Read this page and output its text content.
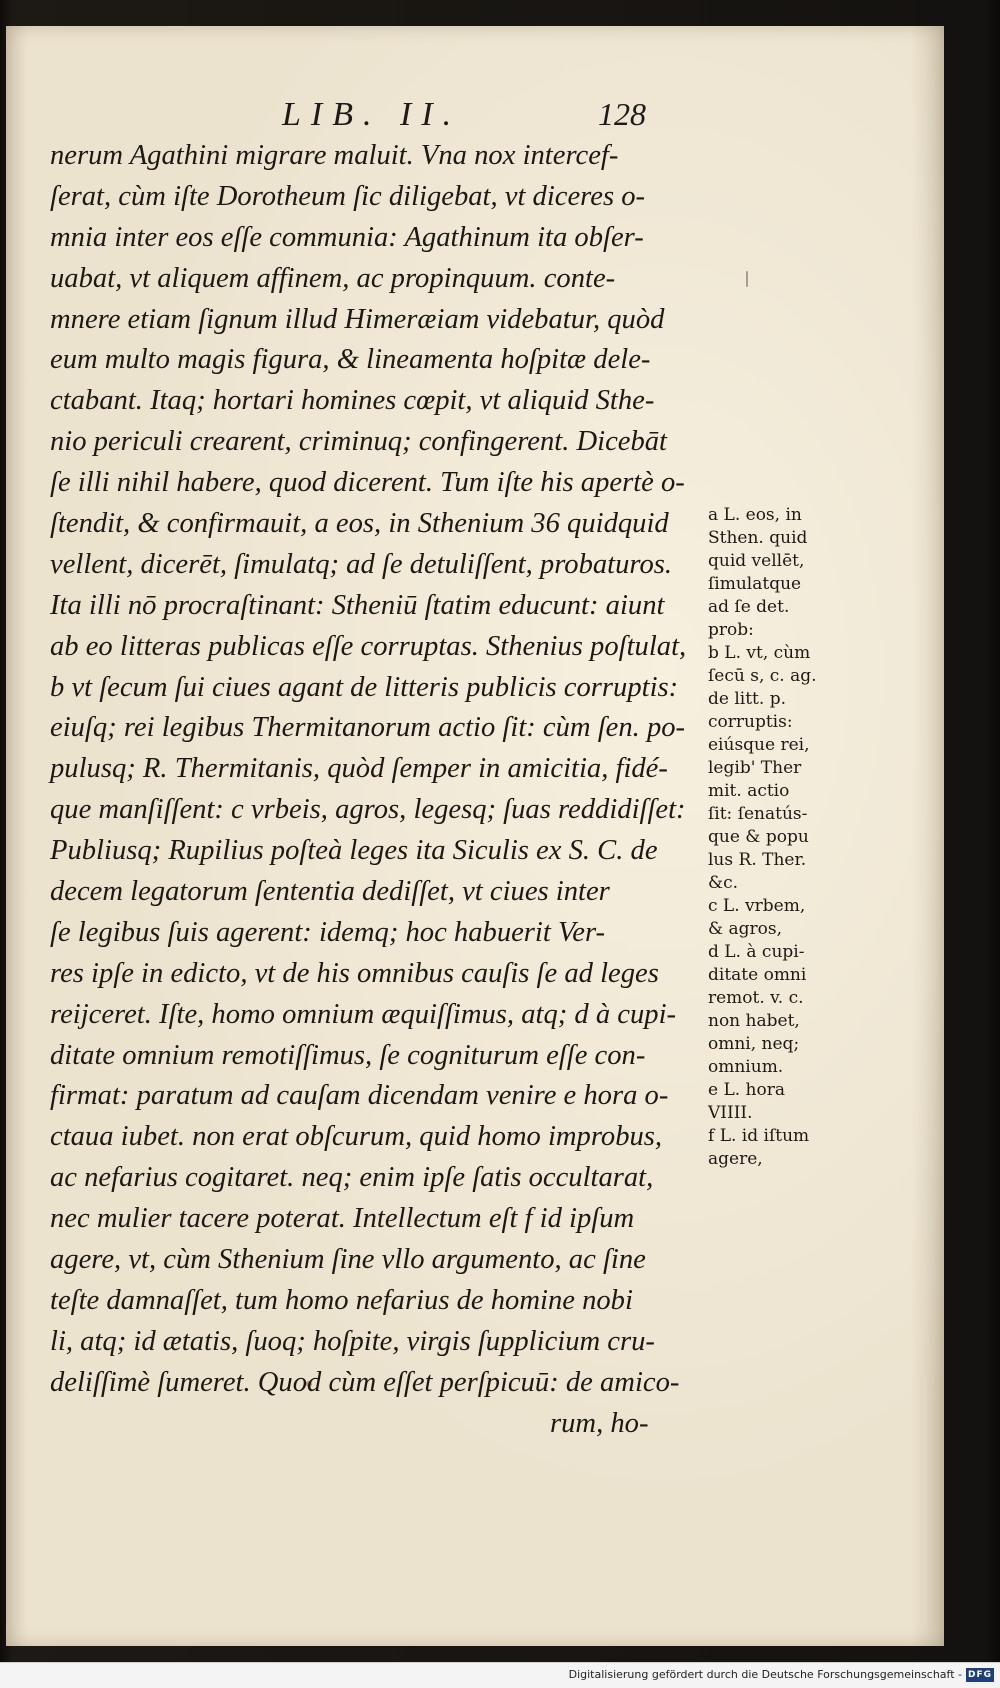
LIB. II.	128
nerum Agathini migrare maluit. Vna nox intercef-
ſerat, cùm iſte Dorotheum ſic diligebat, vt diceres o-
mnia inter eos eſſe communia: Agathinum ita obſer-
uabat, vt aliquem affinem, ac propinquum. conte-
mnere etiam ſignum illud Himeræiam videbatur, quòd
eum multo magis figura, & lineamenta hoſpitæ dele-
ctabant. Itaq; hortari homines cœpit, vt aliquid Sthe-
nio periculi crearent, criminuq; confingerent. Dicebāt
ſe illi nihil habere, quod dicerent. Tum iſte his apertè o-
ſtendit, & confirmauit, a eos, in Sthenium 36 quidquid
vellent, dicerēt, ſimulatq; ad ſe detuliſſent, probaturos.
Ita illi nō procraſtinant: Stheniū ſtatim educunt: aiunt
ab eo litteras publicas eſſe corruptas. Sthenius poſtulat,
b vt ſecum ſui ciues agant de litteris publicis corruptis:
eiuſq; rei legibus Thermitanorum actio ſit: cùm ſen. po-
pulusq; R. Thermitanis, quòd ſemper in amicitia, fidé-
que manſiſſent: c vrbeis, agros, legesq; ſuas reddidiſſet:
Publiusq; Rupilius poſteà leges ita Siculis ex S. C. de
decem legatorum ſententia dediſſet, vt ciues inter
ſe legibus ſuis agerent: idemq; hoc habuerit Ver-
res ipſe in edicto, vt de his omnibus cauſis ſe ad leges
reijceret. Iſte, homo omnium æquiſſimus, atq; d à cupi-
ditate omnium remotiſſimus, ſe cogniturum eſſe con-
firmat: paratum ad cauſam dicendam venire e hora o-
ctaua iubet. non erat obſcurum, quid homo improbus,
ac nefarius cogitaret. neq; enim ipſe ſatis occultarat,
nec mulier tacere poterat. Intellectum eſt f id ipſum
agere, vt, cùm Sthenium ſine vllo argumento, ac ſine
teſte damnaſſet, tum homo nefarius de homine nobi
li, atq; id ætatis, ſuoq; hoſpite, virgis ſupplicium cru-
deliſſimè ſumeret. Quod cùm eſſet perſpicuū: de amico-
rum, ho-
a L. eos, in
Sthen. quid
quid vellēt,
ſimulatque
ad ſe det.
prob:
b L. vt, cùm
ſecū s, c. ag.
de litt. p.
corruptis:
eiúsque rei,
legib' Ther
mit. actio
ſit: ſenatús-
que & popu
lus R. Ther.
&c.
c L. vrbem,
& agros,
d L. à cupi-
ditate omni
remot. v. c.
non habet,
omni, neq;
omnium.
e L. hora
VIIII.
f L. id iſtum
agere,
Digitalisierung gefördert durch die Deutsche Forschungsgemeinschaft - DFG
